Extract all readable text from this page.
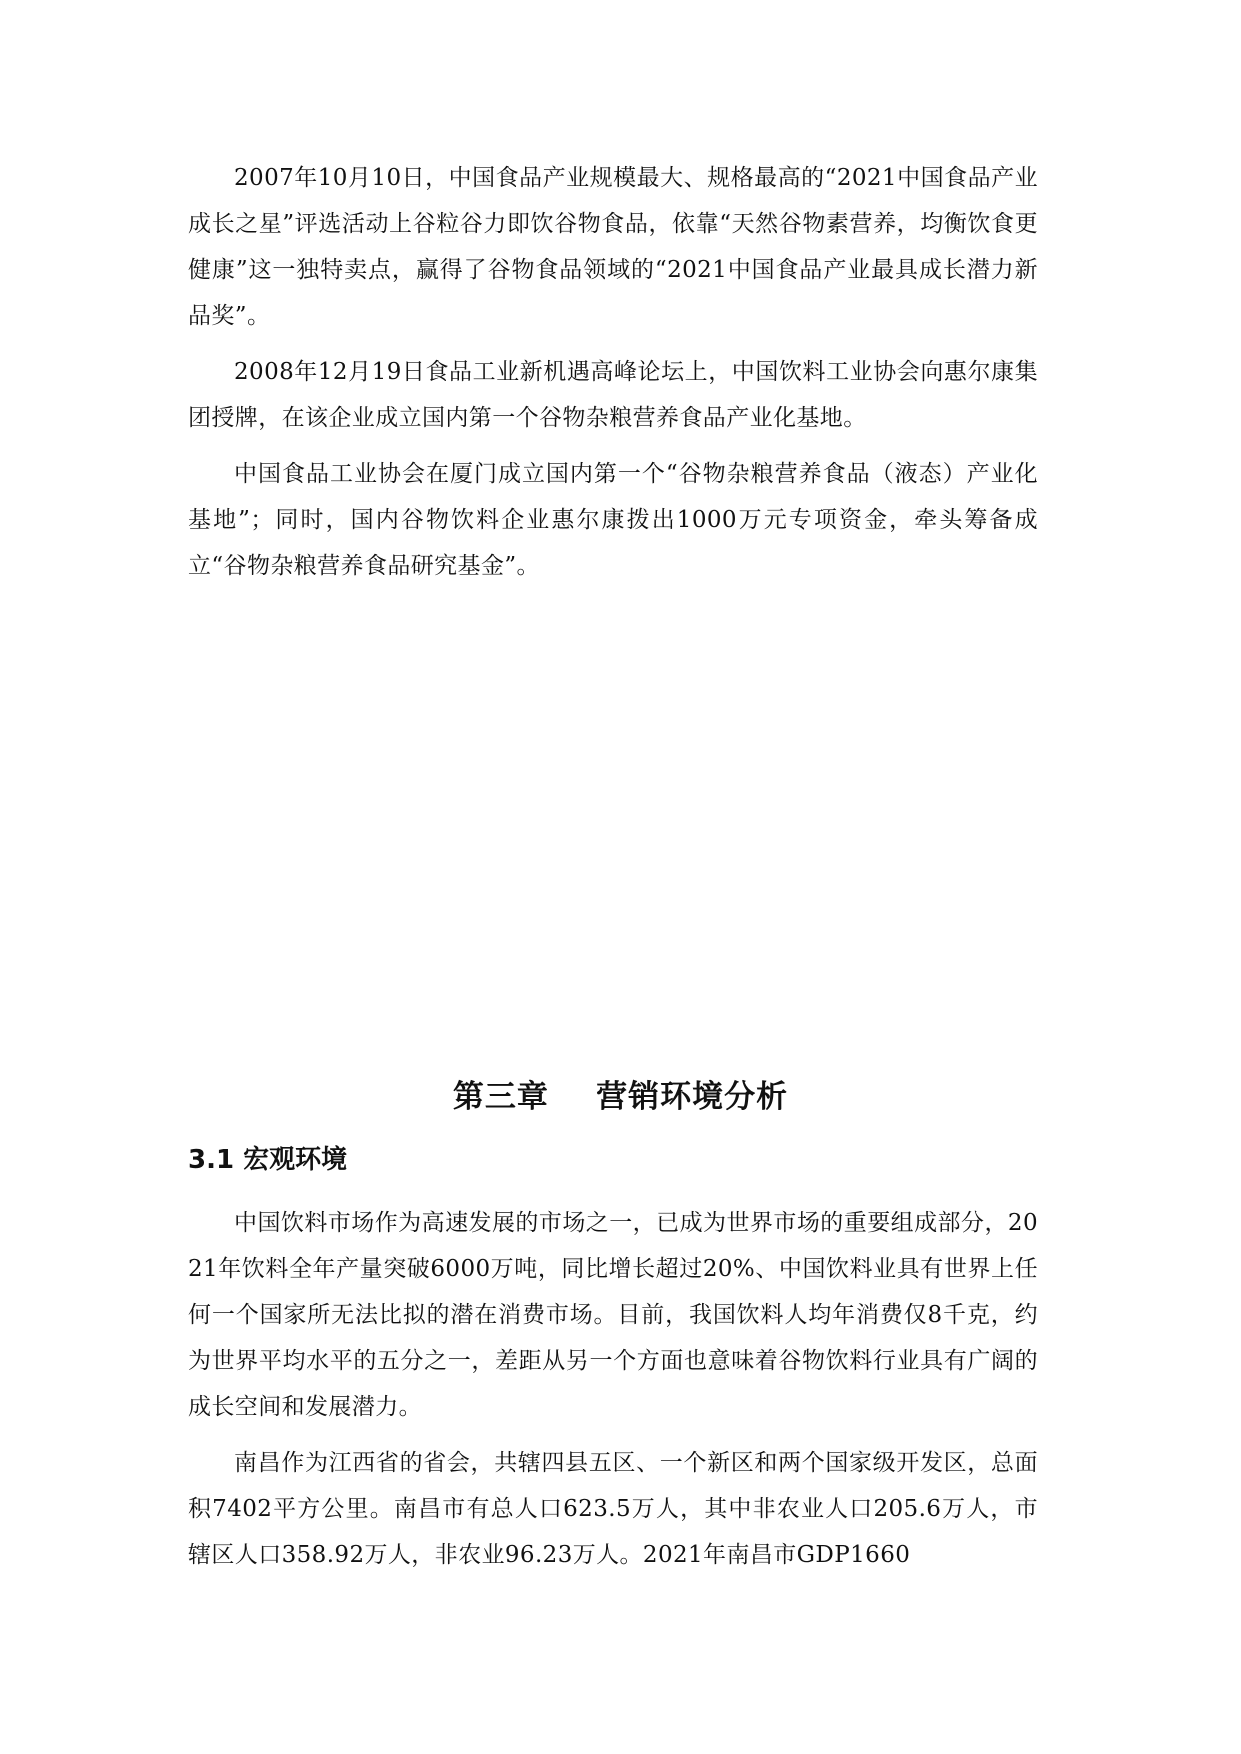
2007年10月10日，中国食品产业规模最大、规格最高的“2021中国食品产业成长之星”评选活动上谷粒谷力即饮谷物食品，依靠“天然谷物素营养，均衡饮食更健康”这一独特卖点，赢得了谷物食品领域的“2021中国食品产业最具成长潜力新品奖”。

2008年12月19日食品工业新机遇高峰论坛上，中国饮料工业协会向惠尔康集团授牌，在该企业成立国内第一个谷物杂粮营养食品产业化基地。

中国食品工业协会在厦门成立国内第一个“谷物杂粮营养食品（液态）产业化基地”；同时，国内谷物饮料企业惠尔康拨出1000万元专项资金，牵头筹备成立“谷物杂粮营养食品研究基金”。

第三章    营销环境分析
3.1 宏观环境

中国饮料市场作为高速发展的市场之一，已成为世界市场的重要组成部分，2021年饮料全年产量突破6000万吨，同比增长超过20%、中国饮料业具有世界上任何一个国家所无法比拟的潜在消费市场。目前，我国饮料人均年消费仅8千克，约为世界平均水平的五分之一，差距从另一个方面也意味着谷物饮料行业具有广阔的成长空间和发展潜力。

南昌作为江西省的省会，共辖四县五区、一个新区和两个国家级开发区，总面积7402平方公里。南昌市有总人口623.5万人，其中非农业人口205.6万人，市辖区人口358.92万人，非农业96.23万人。2021年南昌市GDP1660
